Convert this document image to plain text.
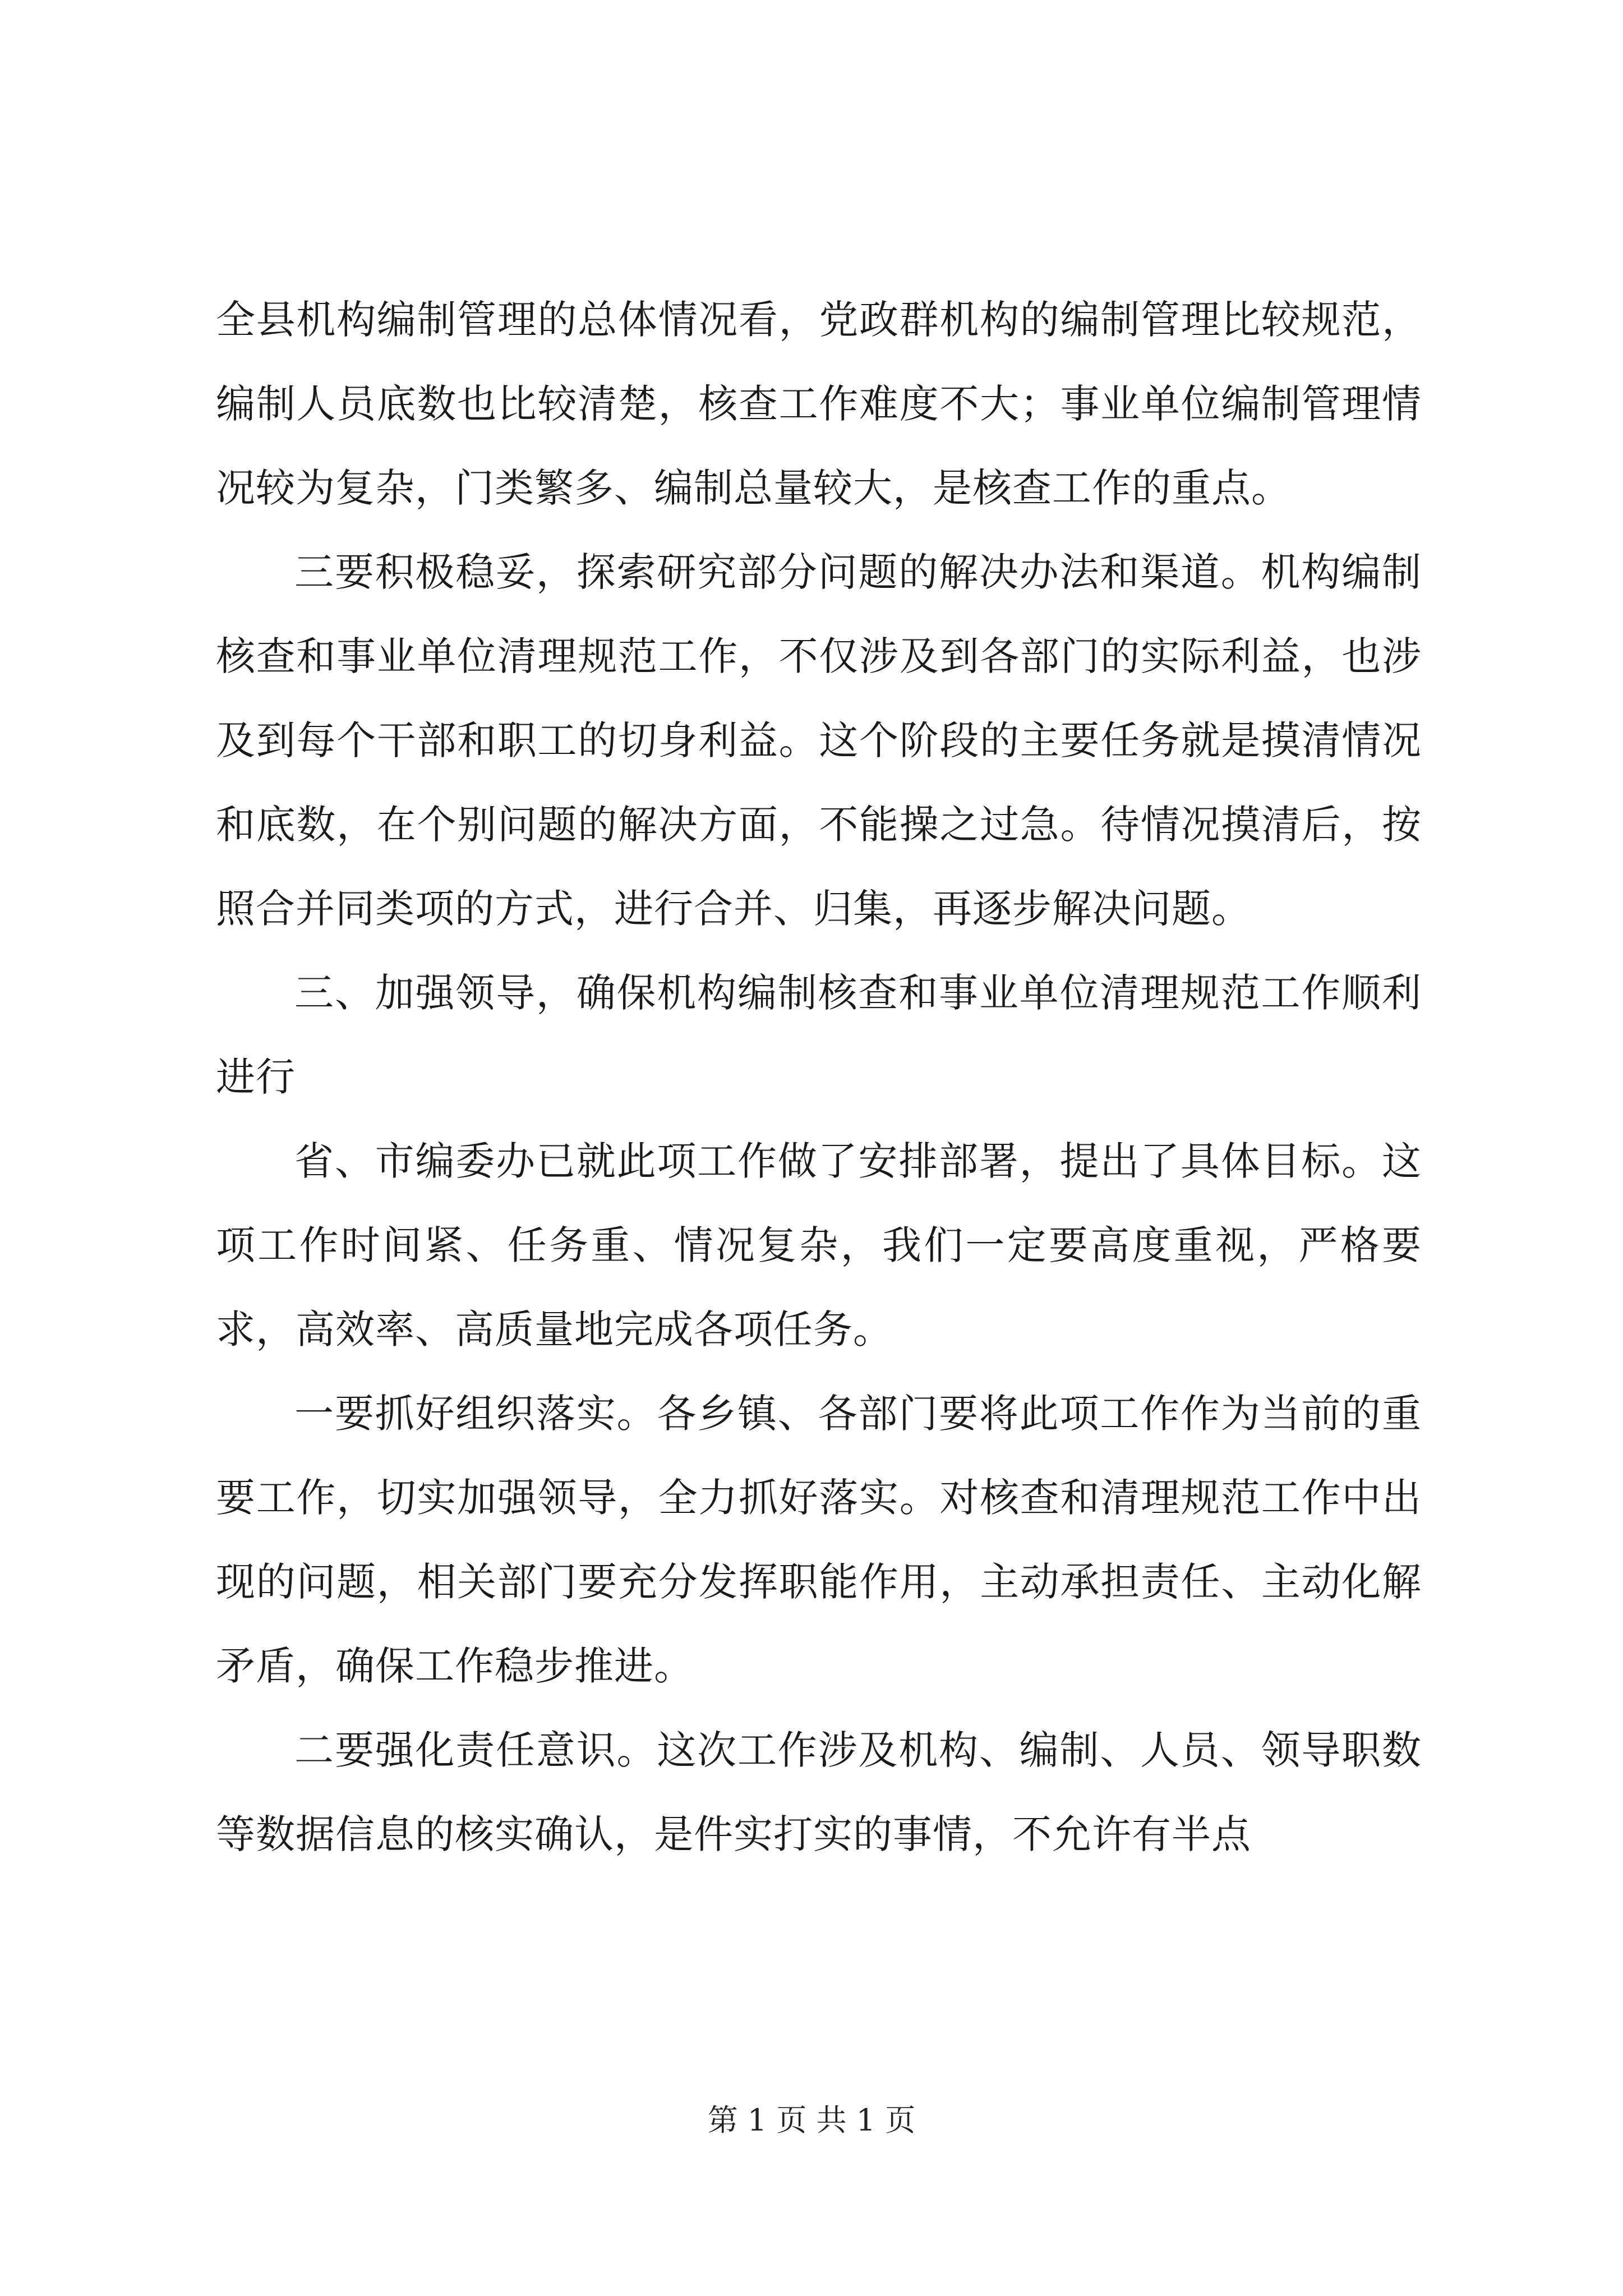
全县机构编制管理的总体情况看，党政群机构的编制管理比较规范，编制人员底数也比较清楚，核查工作难度不大；事业单位编制管理情况较为复杂，门类繁多、编制总量较大，是核查工作的重点。

三要积极稳妥，探索研究部分问题的解决办法和渠道。机构编制核查和事业单位清理规范工作，不仅涉及到各部门的实际利益，也涉及到每个干部和职工的切身利益。这个阶段的主要任务就是摸清情况和底数，在个别问题的解决方面，不能操之过急。待情况摸清后，按照合并同类项的方式，进行合并、归集，再逐步解决问题。

三、加强领导，确保机构编制核查和事业单位清理规范工作顺利进行

省、市编委办已就此项工作做了安排部署，提出了具体目标。这项工作时间紧、任务重、情况复杂，我们一定要高度重视，严格要求，高效率、高质量地完成各项任务。

一要抓好组织落实。各乡镇、各部门要将此项工作作为当前的重要工作，切实加强领导，全力抓好落实。对核查和清理规范工作中出现的问题，相关部门要充分发挥职能作用，主动承担责任、主动化解矛盾，确保工作稳步推进。

二要强化责任意识。这次工作涉及机构、编制、人员、领导职数等数据信息的核实确认，是件实打实的事情，不允许有半点

第 1 页 共 1 页
